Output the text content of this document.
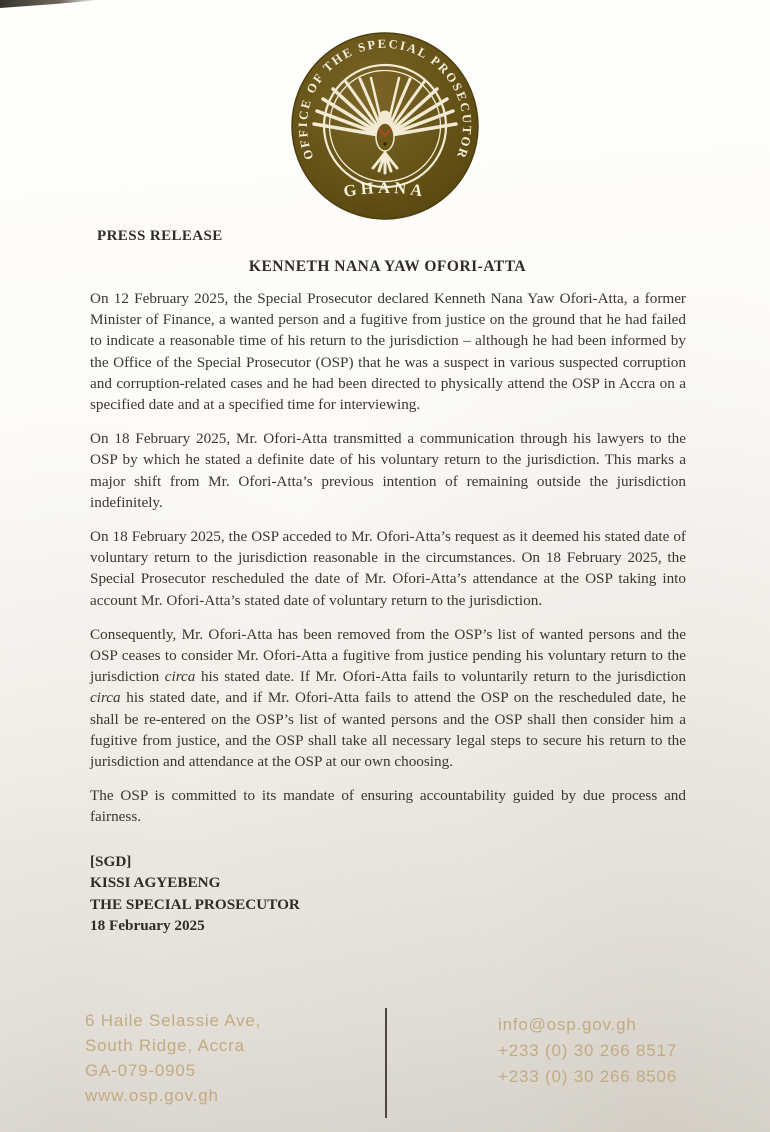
OFFICE OF THE SPECIAL PROSECUTOR
GHANA
PRESS RELEASE
KENNETH NANA YAW OFORI-ATTA

On 12 February 2025, the Special Prosecutor declared Kenneth Nana Yaw Ofori-Atta, a former Minister of Finance, a wanted person and a fugitive from justice on the ground that he had failed to indicate a reasonable time of his return to the jurisdiction – although he had been informed by the Office of the Special Prosecutor (OSP) that he was a suspect in various suspected corruption and corruption-related cases and he had been directed to physically attend the OSP in Accra on a specified date and at a specified time for interviewing.

On 18 February 2025, Mr. Ofori-Atta transmitted a communication through his lawyers to the OSP by which he stated a definite date of his voluntary return to the jurisdiction. This marks a major shift from Mr. Ofori-Atta’s previous intention of remaining outside the jurisdiction indefinitely.

On 18 February 2025, the OSP acceded to Mr. Ofori-Atta’s request as it deemed his stated date of voluntary return to the jurisdiction reasonable in the circumstances. On 18 February 2025, the Special Prosecutor rescheduled the date of Mr. Ofori-Atta’s attendance at the OSP taking into account Mr. Ofori-Atta’s stated date of voluntary return to the jurisdiction.

Consequently, Mr. Ofori-Atta has been removed from the OSP’s list of wanted persons and the OSP ceases to consider Mr. Ofori-Atta a fugitive from justice pending his voluntary return to the jurisdiction circa his stated date. If Mr. Ofori-Atta fails to voluntarily return to the jurisdiction circa his stated date, and if Mr. Ofori-Atta fails to attend the OSP on the rescheduled date, he shall be re-entered on the OSP’s list of wanted persons and the OSP shall then consider him a fugitive from justice, and the OSP shall take all necessary legal steps to secure his return to the jurisdiction and attendance at the OSP at our own choosing.

The OSP is committed to its mandate of ensuring accountability guided by due process and fairness.

[SGD]
KISSI AGYEBENG
THE SPECIAL PROSECUTOR
18 February 2025
6 Haile Selassie Ave,
South Ridge, Accra
GA-079-0905
www.osp.gov.gh
info@osp.gov.gh
+233 (0) 30 266 8517
+233 (0) 30 266 8506
